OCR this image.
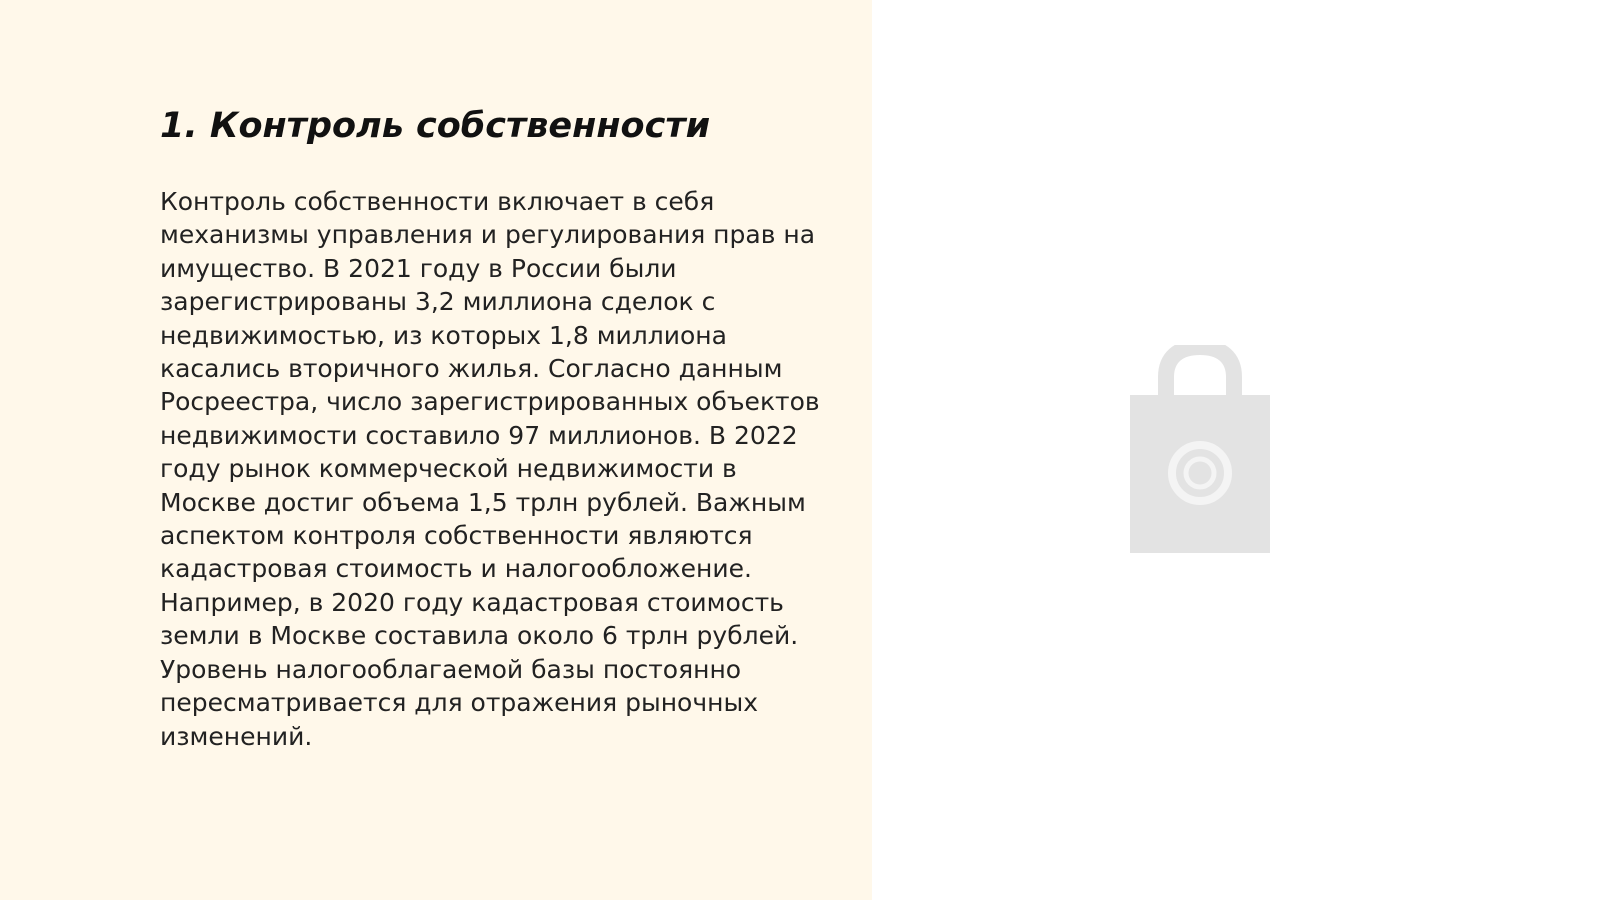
1. Контроль собственности

Контроль собственности включает в себя механизмы управления и регулирования прав на имущество. В 2021 году в России были зарегистрированы 3,2 миллиона сделок с недвижимостью, из которых 1,8 миллиона касались вторичного жилья. Согласно данным Росреестра, число зарегистрированных объектов недвижимости составило 97 миллионов. В 2022 году рынок коммерческой недвижимости в Москве достиг объема 1,5 трлн рублей. Важным аспектом контроля собственности являются кадастровая стоимость и налогообложение. Например, в 2020 году кадастровая стоимость земли в Москве составила около 6 трлн рублей. Уровень налогооблагаемой базы постоянно пересматривается для отражения рыночных изменений.
